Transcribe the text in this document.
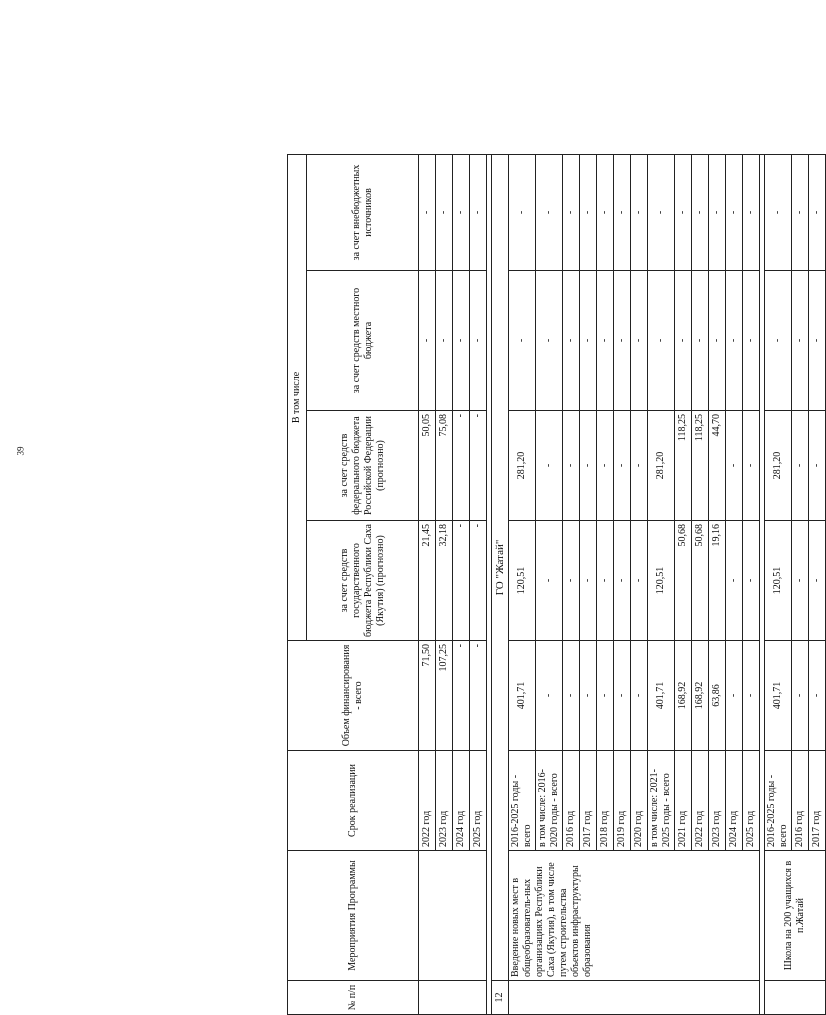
39
№ п/п	Мероприятия Программы	Срок реализации	Объем финансирования - всего	В том числе			
				за счет средств государственного бюджета Республики Саха (Якутия) (прогнозно)	за счет средств федерального бюджета Российской Федерации (прогнозно)	за счет средств местного бюджета	за счет внебюджетных источников
		2022 год	71,50	21,45	50,05	-	-
		2023 год	107,25	32,18	75,08	-	-
		2024 год	-	-	-	-	-
		2025 год	-	-	-	-	-

12	ГО "Жатай"						
	Введение новых мест в общеобразователь-ных организациях Республики Саха (Якутия), в том числе путем строительства объектов инфраструктуры образования	2016-2025 годы - всего	401,71	120,51	281,20	-	-
		в том числе: 2016-2020 годы - всего	-	-	-	-	-
		2016 год	-	-	-	-	-
		2017 год	-	-	-	-	-
		2018 год	-	-	-	-	-
		2019 год	-	-	-	-	-
		2020 год	-	-	-	-	-
		в том числе: 2021-2025 годы - всего	401,71	120,51	281,20	-	-
		2021 год	168,92	50,68	118,25	-	-
		2022 год	168,92	50,68	118,25	-	-
		2023 год	63,86	19,16	44,70	-	-
		2024 год	-	-	-	-	-
		2025 год	-	-	-	-	-

	Школа на 200 учащихся в п.Жатай	2016-2025 годы - всего	401,71	120,51	281,20	-	-
		2016 год	-	-	-	-	-
		2017 год	-	-	-	-	-
